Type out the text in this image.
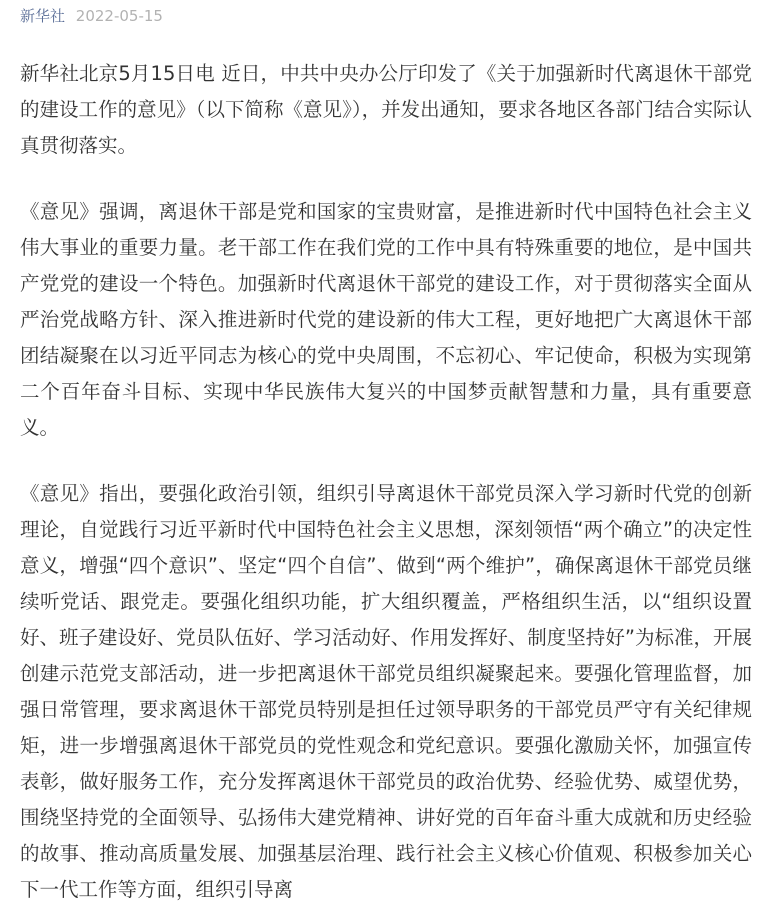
新华社 2022-05-15

新华社北京5月15日电 近日，中共中央办公厅印发了《关于加强新时代离退休干部党的建设工作的意见》（以下简称《意见》），并发出通知，要求各地区各部门结合实际认真贯彻落实。

《意见》强调，离退休干部是党和国家的宝贵财富，是推进新时代中国特色社会主义伟大事业的重要力量。老干部工作在我们党的工作中具有特殊重要的地位，是中国共产党党的建设一个特色。加强新时代离退休干部党的建设工作，对于贯彻落实全面从严治党战略方针、深入推进新时代党的建设新的伟大工程，更好地把广大离退休干部团结凝聚在以习近平同志为核心的党中央周围，不忘初心、牢记使命，积极为实现第二个百年奋斗目标、实现中华民族伟大复兴的中国梦贡献智慧和力量，具有重要意义。

《意见》指出，要强化政治引领，组织引导离退休干部党员深入学习新时代党的创新理论，自觉践行习近平新时代中国特色社会主义思想，深刻领悟“两个确立”的决定性意义，增强“四个意识”、坚定“四个自信”、做到“两个维护”，确保离退休干部党员继续听党话、跟党走。要强化组织功能，扩大组织覆盖，严格组织生活，以“组织设置好、班子建设好、党员队伍好、学习活动好、作用发挥好、制度坚持好”为标准，开展创建示范党支部活动，进一步把离退休干部党员组织凝聚起来。要强化管理监督，加强日常管理，要求离退休干部党员特别是担任过领导职务的干部党员严守有关纪律规矩，进一步增强离退休干部党员的党性观念和党纪意识。要强化激励关怀，加强宣传表彰，做好服务工作，充分发挥离退休干部党员的政治优势、经验优势、威望优势，围绕坚持党的全面领导、弘扬伟大建党精神、讲好党的百年奋斗重大成就和历史经验的故事、推动高质量发展、加强基层治理、践行社会主义核心价值观、积极参加关心下一代工作等方面，组织引导离
